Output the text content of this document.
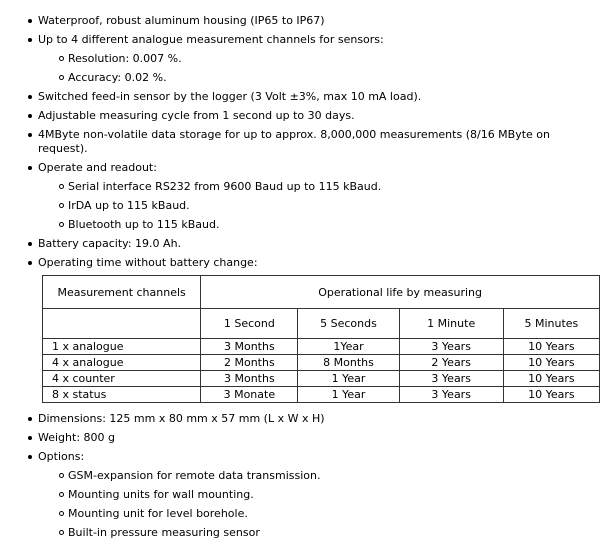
Waterproof, robust aluminum housing (IP65 to IP67)
Up to 4 different analogue measurement channels for sensors:
Resolution: 0.007 %.
Accuracy: 0.02 %.
Switched feed-in sensor by the logger (3 Volt ±3%, max 10 mA load).
Adjustable measuring cycle from 1 second up to 30 days.
4MByte non-volatile data storage for up to approx. 8,000,000 measurements (8/16 MByte on request).
Operate and readout:
Serial interface RS232 from 9600 Baud up to 115 kBaud.
IrDA up to 115 kBaud.
Bluetooth up to 115 kBaud.
Battery capacity: 19.0 Ah.
Operating time without battery change:
Measurement channels	Operational life by measuring			
	1 Second	5 Seconds	1 Minute	5 Minutes
1 x analogue	3 Months	1Year	3 Years	10 Years
4 x analogue	2 Months	8 Months	2 Years	10 Years
4 x counter	3 Months	1 Year	3 Years	10 Years
8 x status	3 Monate	1 Year	3 Years	10 Years
Dimensions: 125 mm x 80 mm x 57 mm (L x W x H)
Weight: 800 g
Options:
GSM-expansion for remote data transmission.
Mounting units for wall mounting.
Mounting unit for level borehole.
Built-in pressure measuring sensor
